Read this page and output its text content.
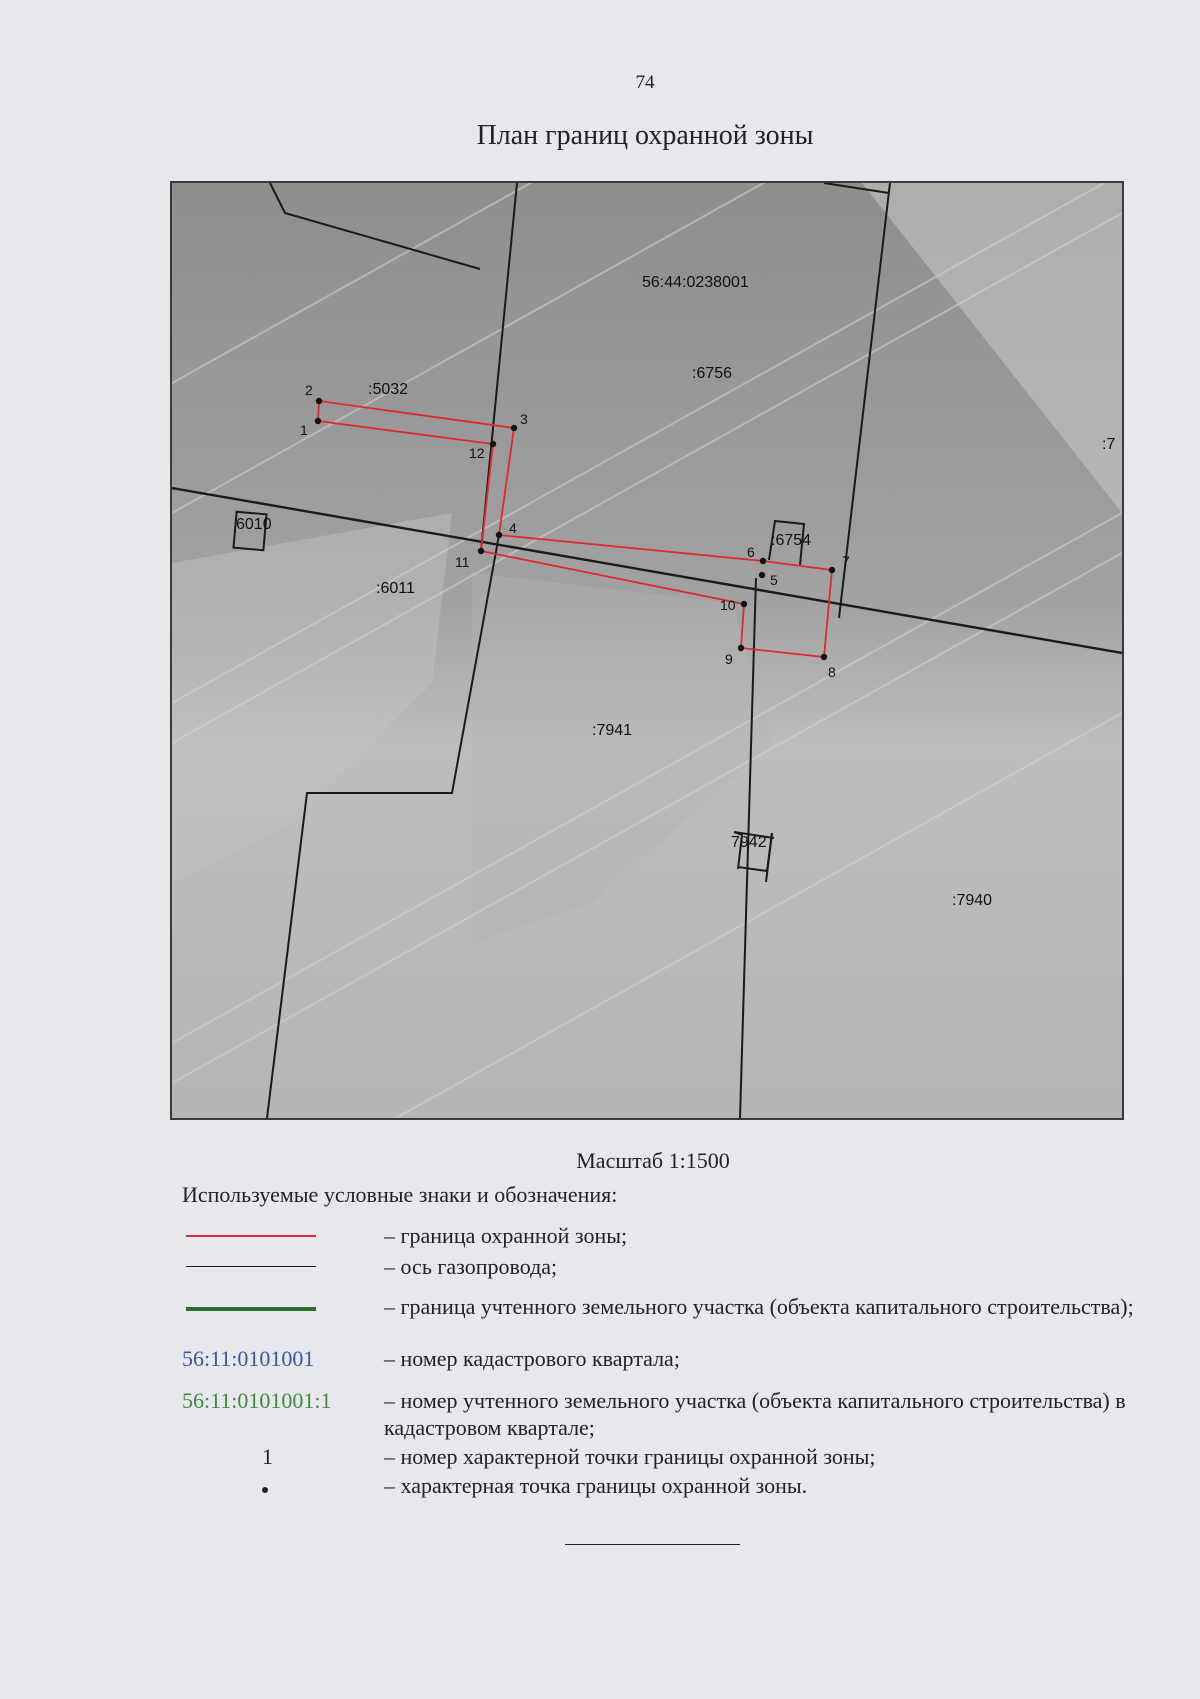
74
План границ охранной зоны
56:44:0238001
:5032
:6756
6010
:6011
:6754
:7941
7942
:7940
:7
1
2
3
4
5
6
7
8
9
10
11
12
Масштаб 1:1500
Используемые условные знаки и обозначения:
– граница охранной зоны;
– ось газопровода;
– граница учтенного земельного участка (объекта капитального строительства);
56:11:0101001	– номер кадастрового квартала;
56:11:0101001:1	– номер учтенного земельного участка (объекта капитального строительства) в кадастровом квартале;
1	– номер характерной точки границы охранной зоны;
– характерная точка границы охранной зоны.
